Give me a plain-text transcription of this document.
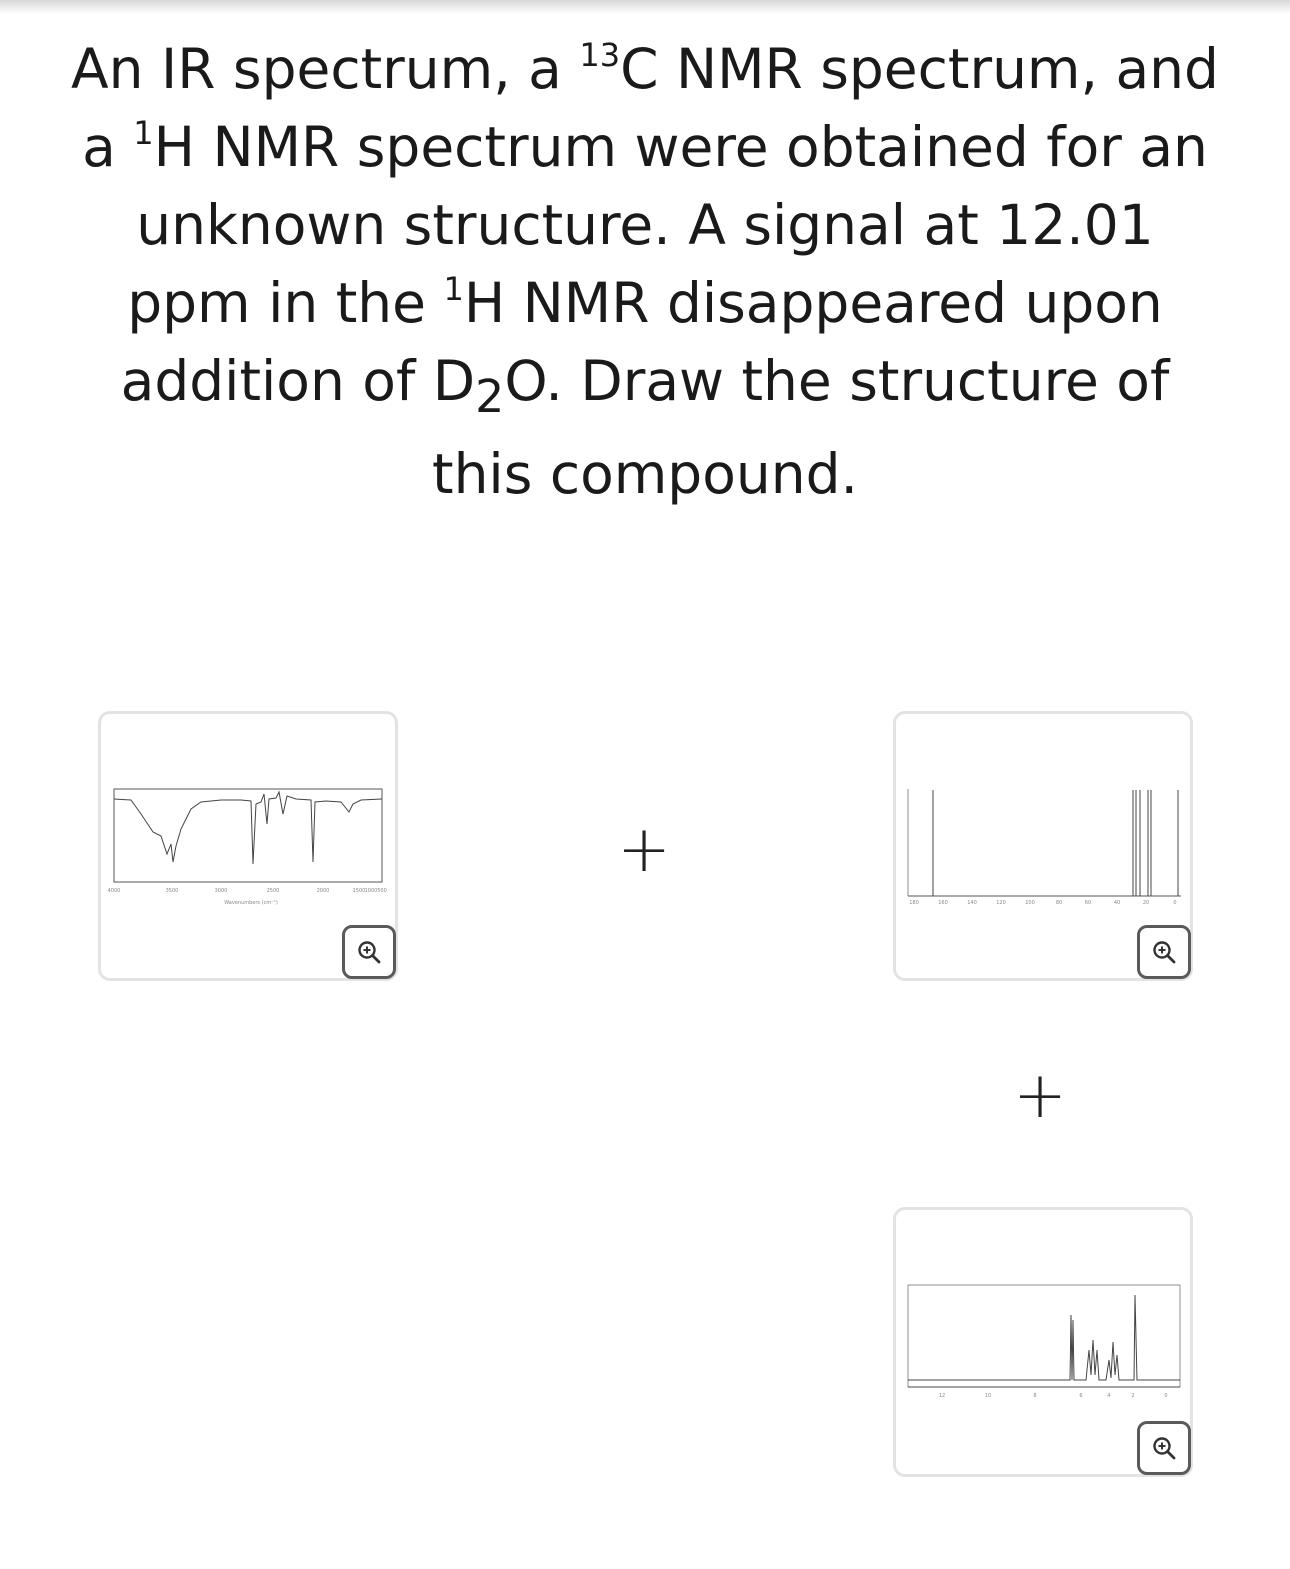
An IR spectrum, a $^{13}$C NMR spectrum, and a $^1$H NMR spectrum were obtained for an unknown structure. A signal at 12.01 ppm in the $^1$H NMR disappeared upon addition of $D_2O$. Draw the structure of this compound.

4000	3500	3000	2500	2000	1500 1000 500
Wavenumbers (cm⁻¹)
+
180	160	140	120	100	80	60	40	20	0
+
12	10	8	6	4	2	0
